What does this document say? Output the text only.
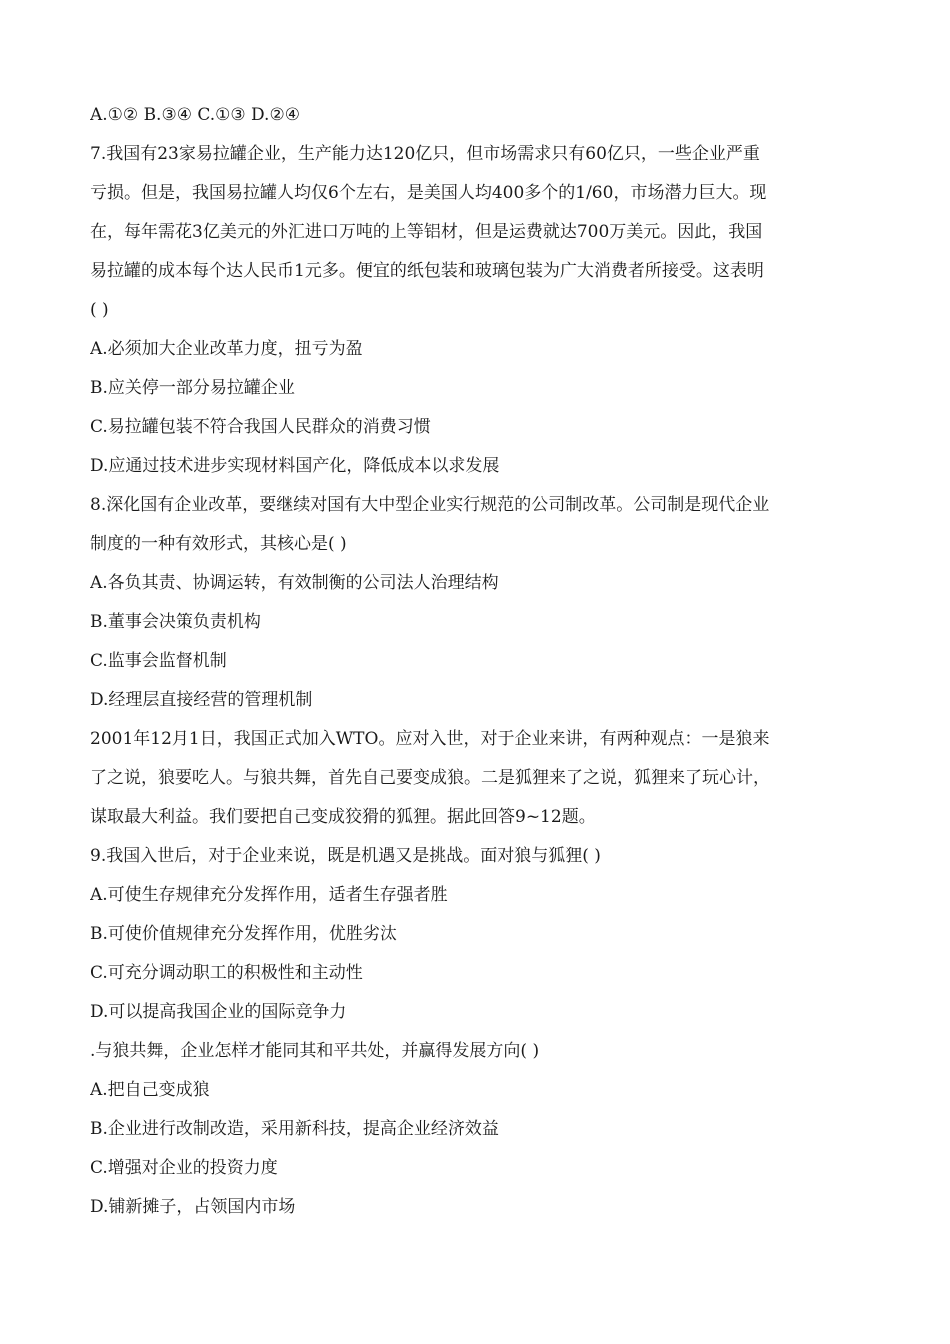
A.①② B.③④ C.①③ D.②④
7.我国有23家易拉罐企业，生产能力达120亿只，但市场需求只有60亿只，一些企业严重
亏损。但是，我国易拉罐人均仅6个左右，是美国人均400多个的1/60，市场潜力巨大。现
在，每年需花3亿美元的外汇进口万吨的上等铝材，但是运费就达700万美元。因此，我国
易拉罐的成本每个达人民币1元多。便宜的纸包装和玻璃包装为广大消费者所接受。这表明
( )
A.必须加大企业改革力度，扭亏为盈
B.应关停一部分易拉罐企业
C.易拉罐包装不符合我国人民群众的消费习惯
D.应通过技术进步实现材料国产化，降低成本以求发展
8.深化国有企业改革，要继续对国有大中型企业实行规范的公司制改革。公司制是现代企业
制度的一种有效形式，其核心是( )
A.各负其责、协调运转，有效制衡的公司法人治理结构
B.董事会决策负责机构
C.监事会监督机制
D.经理层直接经营的管理机制
2001年12月1日，我国正式加入WTO。应对入世，对于企业来讲，有两种观点：一是狼来
了之说，狼要吃人。与狼共舞，首先自己要变成狼。二是狐狸来了之说，狐狸来了玩心计，
谋取最大利益。我们要把自己变成狡猾的狐狸。据此回答9~12题。
9.我国入世后，对于企业来说，既是机遇又是挑战。面对狼与狐狸( )
A.可使生存规律充分发挥作用，适者生存强者胜
B.可使价值规律充分发挥作用，优胜劣汰
C.可充分调动职工的积极性和主动性
D.可以提高我国企业的国际竞争力
.与狼共舞，企业怎样才能同其和平共处，并赢得发展方向( )
A.把自己变成狼
B.企业进行改制改造，采用新科技，提高企业经济效益
C.增强对企业的投资力度
D.铺新摊子，占领国内市场
